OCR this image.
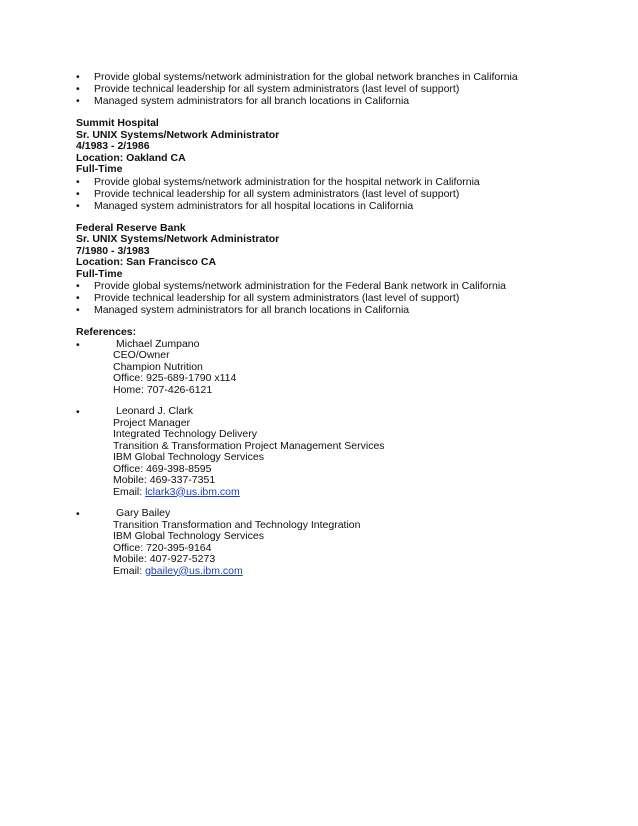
•	Provide global systems/network administration for the global network branches in California
•	Provide technical leadership for all system administrators (last level of support)
•	Managed system administrators for all branch locations in California
Summit Hospital
Sr. UNIX Systems/Network Administrator
4/1983 - 2/1986
Location: Oakland CA
Full-Time
•	Provide global systems/network administration for the hospital network in California
•	Provide technical leadership for all system administrators (last level of support)
•	Managed system administrators for all hospital locations in California
Federal Reserve Bank
Sr. UNIX Systems/Network Administrator
7/1980 - 3/1983
Location: San Francisco CA
Full-Time
•	Provide global systems/network administration for the Federal Bank network in California
•	Provide technical leadership for all system administrators (last level of support)
•	Managed system administrators for all branch locations in California
References:
•	Michael Zumpano
CEO/Owner
Champion Nutrition
Office: 925-689-1790 x114
Home: 707-426-6121
•	Leonard J. Clark
Project Manager
Integrated Technology Delivery
Transition & Transformation Project Management Services
IBM Global Technology Services
Office: 469-398-8595
Mobile: 469-337-7351
Email: lclark3@us.ibm.com
•	Gary Bailey
Transition Transformation and Technology Integration
IBM Global Technology Services
Office: 720-395-9164
Mobile: 407-927-5273
Email: gbailey@us.ibm.com
